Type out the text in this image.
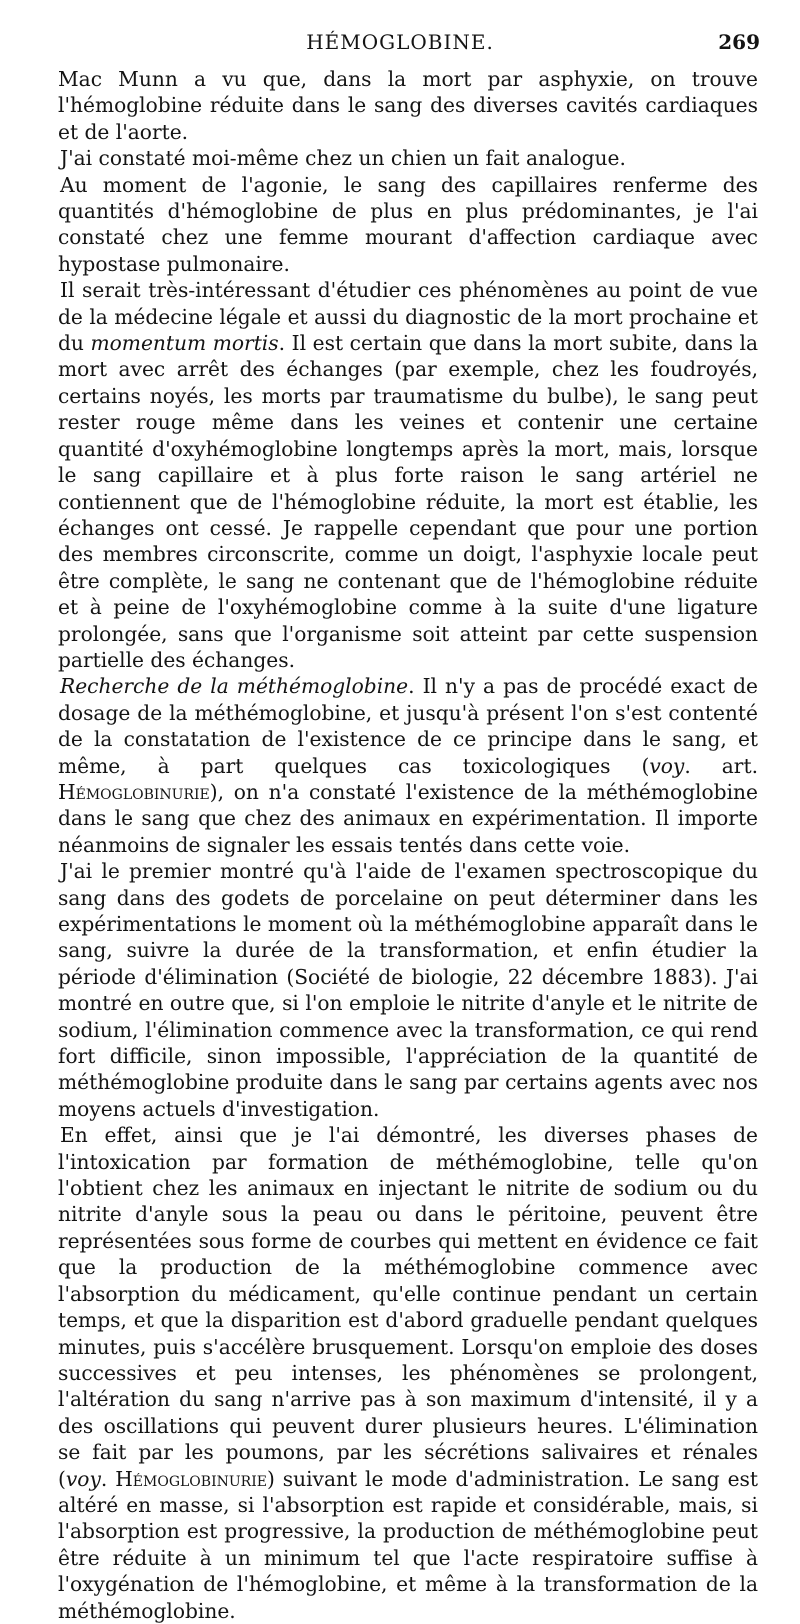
HÉMOGLOBINE.	269

Mac Munn a vu que, dans la mort par asphyxie, on trouve l'hémoglobine réduite dans le sang des diverses cavités cardiaques et de l'aorte.

J'ai constaté moi-même chez un chien un fait analogue.

Au moment de l'agonie, le sang des capillaires renferme des quantités d'hémoglobine de plus en plus prédominantes, je l'ai constaté chez une femme mourant d'affection cardiaque avec hypostase pulmonaire.

Il serait très-intéressant d'étudier ces phénomènes au point de vue de la médecine légale et aussi du diagnostic de la mort prochaine et du momentum mortis. Il est certain que dans la mort subite, dans la mort avec arrêt des échanges (par exemple, chez les foudroyés, certains noyés, les morts par traumatisme du bulbe), le sang peut rester rouge même dans les veines et contenir une certaine quantité d'oxyhémoglobine longtemps après la mort, mais, lorsque le sang capillaire et à plus forte raison le sang artériel ne contiennent que de l'hémoglobine réduite, la mort est établie, les échanges ont cessé. Je rappelle cependant que pour une portion des membres circonscrite, comme un doigt, l'asphyxie locale peut être complète, le sang ne contenant que de l'hémoglobine réduite et à peine de l'oxyhémoglobine comme à la suite d'une ligature prolongée, sans que l'organisme soit atteint par cette suspension partielle des échanges.

Recherche de la méthémoglobine. Il n'y a pas de procédé exact de dosage de la méthémoglobine, et jusqu'à présent l'on s'est contenté de la constatation de l'existence de ce principe dans le sang, et même, à part quelques cas toxicologiques (voy. art. Hémoglobinurie), on n'a constaté l'existence de la méthémoglobine dans le sang que chez des animaux en expérimentation. Il importe néanmoins de signaler les essais tentés dans cette voie.

J'ai le premier montré qu'à l'aide de l'examen spectroscopique du sang dans des godets de porcelaine on peut déterminer dans les expérimentations le moment où la méthémoglobine apparaît dans le sang, suivre la durée de la transformation, et enfin étudier la période d'élimination (Société de biologie, 22 décembre 1883). J'ai montré en outre que, si l'on emploie le nitrite d'anyle et le nitrite de sodium, l'élimination commence avec la transformation, ce qui rend fort difficile, sinon impossible, l'appréciation de la quantité de méthémoglobine produite dans le sang par certains agents avec nos moyens actuels d'investigation.

En effet, ainsi que je l'ai démontré, les diverses phases de l'intoxication par formation de méthémoglobine, telle qu'on l'obtient chez les animaux en injectant le nitrite de sodium ou du nitrite d'anyle sous la peau ou dans le péritoine, peuvent être représentées sous forme de courbes qui mettent en évidence ce fait que la production de la méthémoglobine commence avec l'absorption du médicament, qu'elle continue pendant un certain temps, et que la disparition est d'abord graduelle pendant quelques minutes, puis s'accélère brusquement. Lorsqu'on emploie des doses successives et peu intenses, les phénomènes se prolongent, l'altération du sang n'arrive pas à son maximum d'intensité, il y a des oscillations qui peuvent durer plusieurs heures. L'élimination se fait par les poumons, par les sécrétions salivaires et rénales (voy. Hémoglobinurie) suivant le mode d'administration. Le sang est altéré en masse, si l'absorption est rapide et considérable, mais, si l'absorption est progressive, la production de méthémoglobine peut être réduite à un minimum tel que l'acte respiratoire suffise à l'oxygénation de l'hémoglobine, et même à la transformation de la méthémoglobine.
